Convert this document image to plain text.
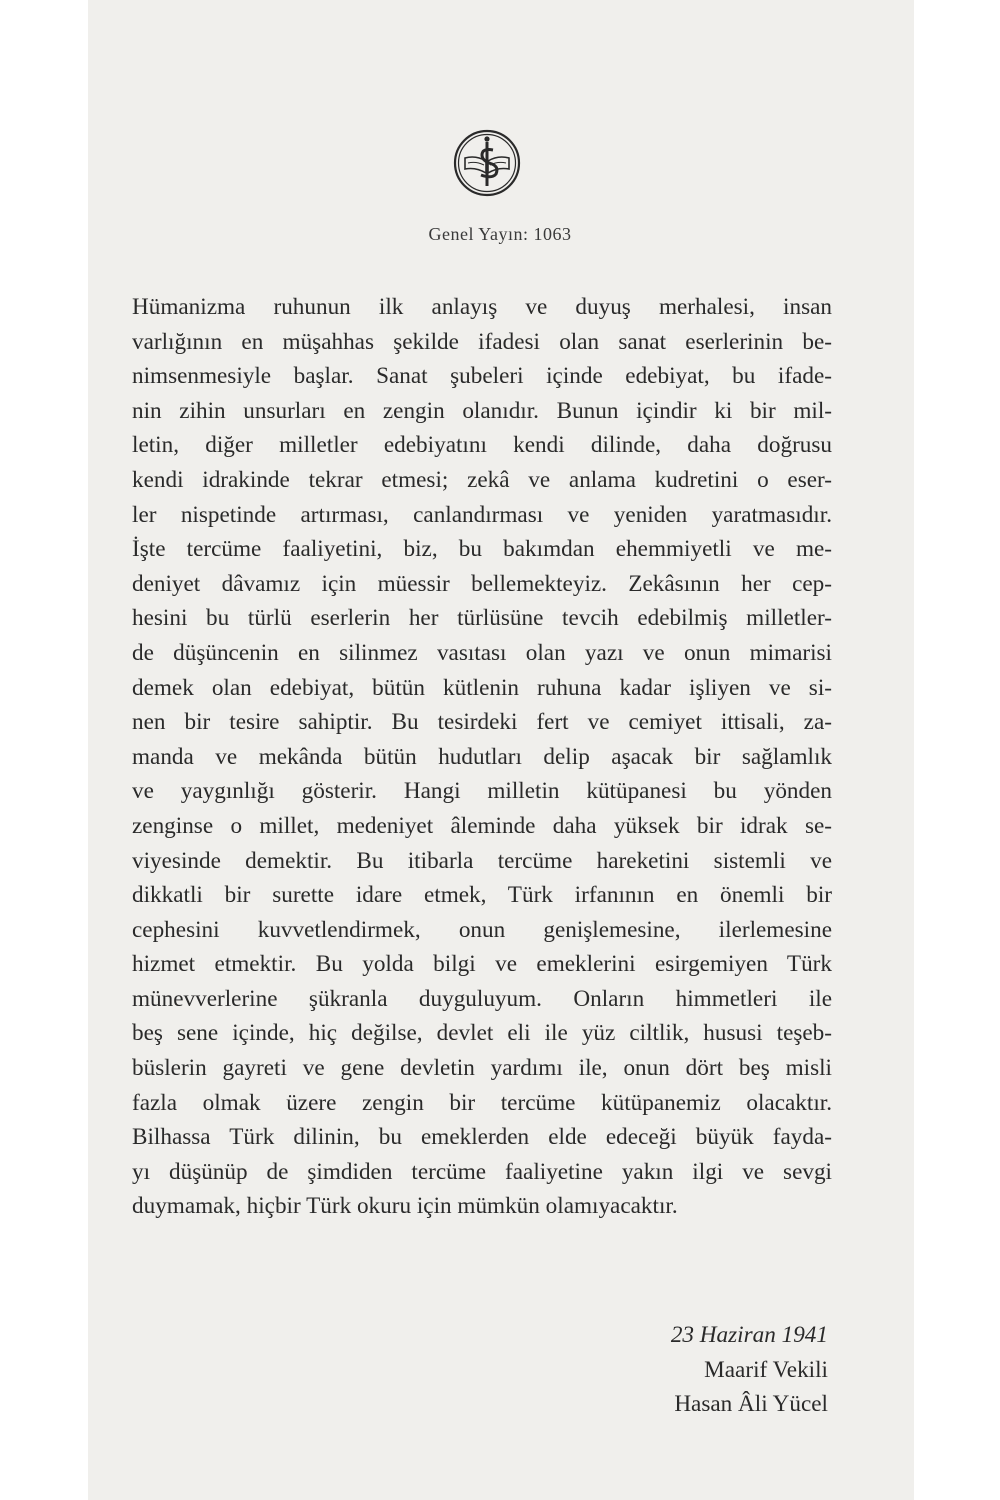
Genel Yayın: 1063
Hümanizma ruhunun ilk anlayış ve duyuş merhalesi, insan
varlığının en müşahhas şekilde ifadesi olan sanat eserlerinin be-
nimsenmesiyle başlar. Sanat şubeleri içinde edebiyat, bu ifade-
nin zihin unsurları en zengin olanıdır. Bunun içindir ki bir mil-
letin, diğer milletler edebiyatını kendi dilinde, daha doğrusu
kendi idrakinde tekrar etmesi; zekâ ve anlama kudretini o eser-
ler nispetinde artırması, canlandırması ve yeniden yaratmasıdır.
İşte tercüme faaliyetini, biz, bu bakımdan ehemmiyetli ve me-
deniyet dâvamız için müessir bellemekteyiz. Zekâsının her cep-
hesini bu türlü eserlerin her türlüsüne tevcih edebilmiş milletler-
de düşüncenin en silinmez vasıtası olan yazı ve onun mimarisi
demek olan edebiyat, bütün kütlenin ruhuna kadar işliyen ve si-
nen bir tesire sahiptir. Bu tesirdeki fert ve cemiyet ittisali, za-
manda ve mekânda bütün hudutları delip aşacak bir sağlamlık
ve yaygınlığı gösterir. Hangi milletin kütüpanesi bu yönden
zenginse o millet, medeniyet âleminde daha yüksek bir idrak se-
viyesinde demektir. Bu itibarla tercüme hareketini sistemli ve
dikkatli bir surette idare etmek, Türk irfanının en önemli bir
cephesini kuvvetlendirmek, onun genişlemesine, ilerlemesine
hizmet etmektir. Bu yolda bilgi ve emeklerini esirgemiyen Türk
münevverlerine şükranla duyguluyum. Onların himmetleri ile
beş sene içinde, hiç değilse, devlet eli ile yüz ciltlik, hususi teşeb-
büslerin gayreti ve gene devletin yardımı ile, onun dört beş misli
fazla olmak üzere zengin bir tercüme kütüpanemiz olacaktır.
Bilhassa Türk dilinin, bu emeklerden elde edeceği büyük fayda-
yı düşünüp de şimdiden tercüme faaliyetine yakın ilgi ve sevgi
duymamak, hiçbir Türk okuru için mümkün olamıyacaktır.
23 Haziran 1941
Maarif Vekili
Hasan Âli Yücel
